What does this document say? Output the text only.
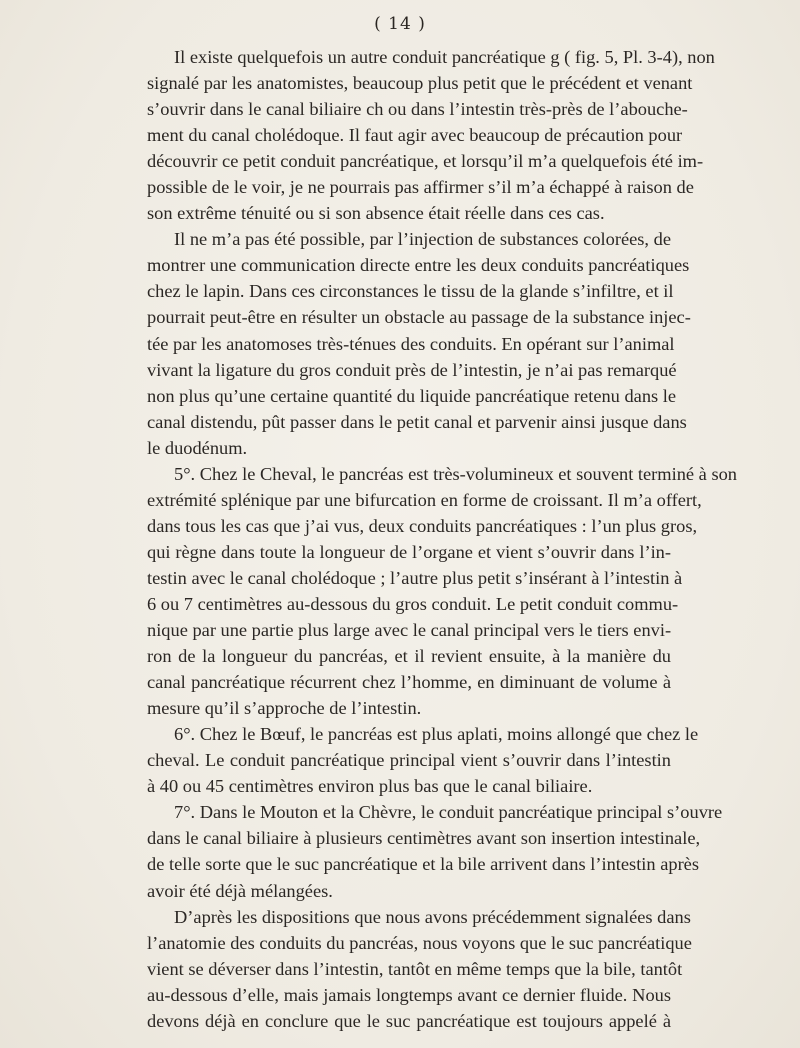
( 14 )
Il existe quelquefois un autre conduit pancréatique g ( fig. 5, Pl. 3-4), non
signalé par les anatomistes, beaucoup plus petit que le précédent et venant
s’ouvrir dans le canal biliaire ch ou dans l’intestin très-près de l’abouche-
ment du canal cholédoque. Il faut agir avec beaucoup de précaution pour
découvrir ce petit conduit pancréatique, et lorsqu’il m’a quelquefois été im-
possible de le voir, je ne pourrais pas affirmer s’il m’a échappé à raison de
son extrême ténuité ou si son absence était réelle dans ces cas.
Il ne m’a pas été possible, par l’injection de substances colorées, de
montrer une communication directe entre les deux conduits pancréatiques
chez le lapin. Dans ces circonstances le tissu de la glande s’infiltre, et il
pourrait peut-être en résulter un obstacle au passage de la substance injec-
tée par les anatomoses très-ténues des conduits. En opérant sur l’animal
vivant la ligature du gros conduit près de l’intestin, je n’ai pas remarqué
non plus qu’une certaine quantité du liquide pancréatique retenu dans le
canal distendu, pût passer dans le petit canal et parvenir ainsi jusque dans
le duodénum.
5°. Chez le Cheval, le pancréas est très-volumineux et souvent terminé à son
extrémité splénique par une bifurcation en forme de croissant. Il m’a offert,
dans tous les cas que j’ai vus, deux conduits pancréatiques : l’un plus gros,
qui règne dans toute la longueur de l’organe et vient s’ouvrir dans l’in-
testin avec le canal cholédoque ; l’autre plus petit s’insérant à l’intestin à
6 ou 7 centimètres au-dessous du gros conduit. Le petit conduit commu-
nique par une partie plus large avec le canal principal vers le tiers envi-
ron de la longueur du pancréas, et il revient ensuite, à la manière du
canal pancréatique récurrent chez l’homme, en diminuant de volume à
mesure qu’il s’approche de l’intestin.
6°. Chez le Bœuf, le pancréas est plus aplati, moins allongé que chez le
cheval. Le conduit pancréatique principal vient s’ouvrir dans l’intestin
à 40 ou 45 centimètres environ plus bas que le canal biliaire.
7°. Dans le Mouton et la Chèvre, le conduit pancréatique principal s’ouvre
dans le canal biliaire à plusieurs centimètres avant son insertion intestinale,
de telle sorte que le suc pancréatique et la bile arrivent dans l’intestin après
avoir été déjà mélangées.
D’après les dispositions que nous avons précédemment signalées dans
l’anatomie des conduits du pancréas, nous voyons que le suc pancréatique
vient se déverser dans l’intestin, tantôt en même temps que la bile, tantôt
au-dessous d’elle, mais jamais longtemps avant ce dernier fluide. Nous
devons déjà en conclure que le suc pancréatique est toujours appelé à
